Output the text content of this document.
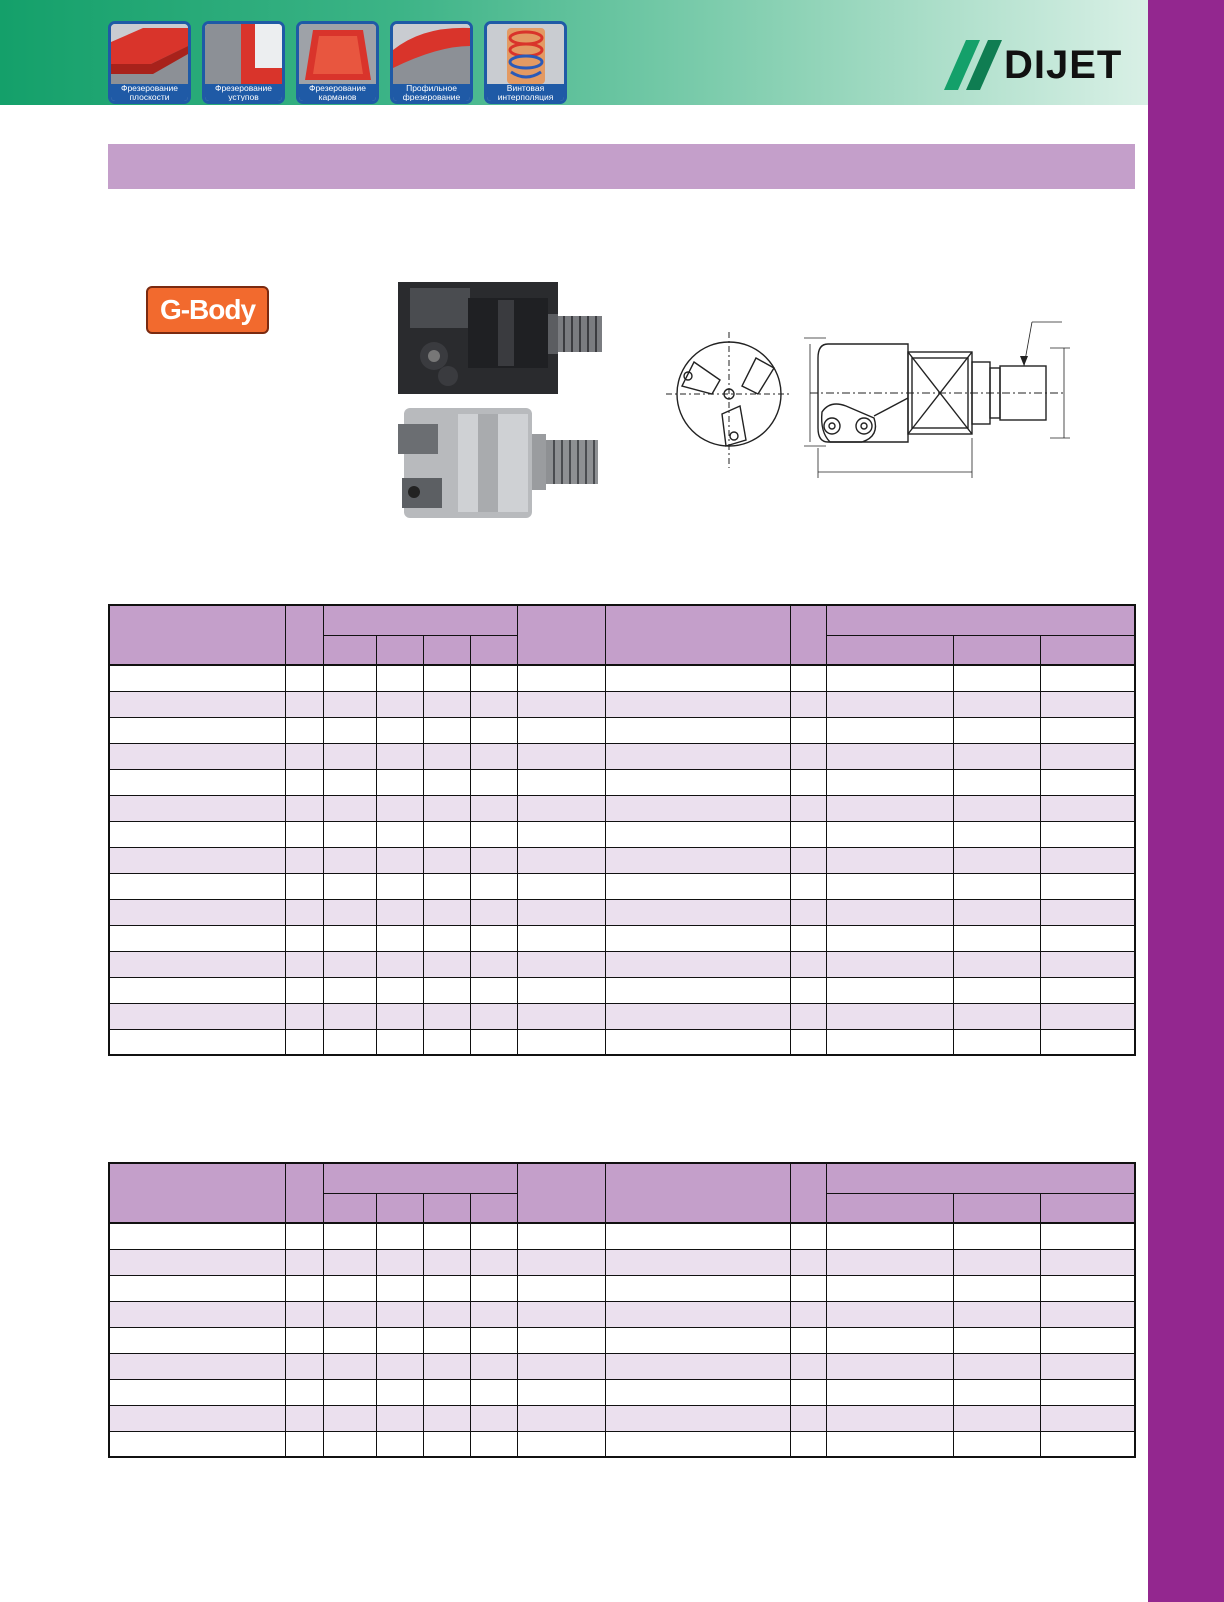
Фрезерование
плоскости
Фрезерование
уступов
Фрезерование
карманов
Профильное
фрезерование
Винтовая
интерполяция
DIJET
G-Body
